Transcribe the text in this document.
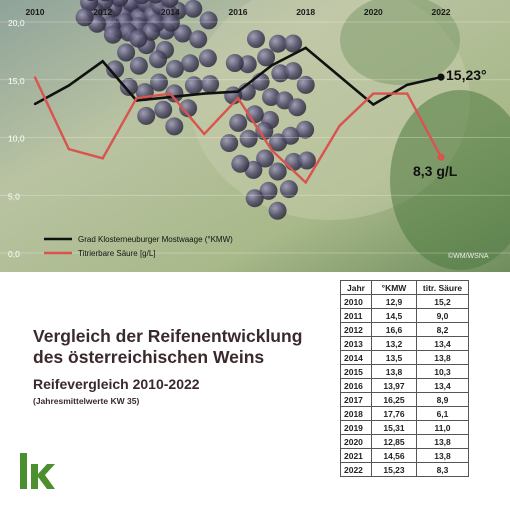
0,0
5,0
10,0
15,0
20,0
2010	2012	2014	2016	2018	2020	2022
Grad Klosterneuburger Mostwaage (°KMW)
Titrierbare Säure [g/L]
15,23°
8,3 g/L
©WM/WSNA
Vergleich der Reifenentwicklung
des österreichischen Weins
Reifevergleich 2010-2022
(Jahresmittelwerte KW 35)
Jahr	°KMW	titr. Säure
2010	12,9	15,2
2011	14,5	9,0
2012	16,6	8,2
2013	13,2	13,4
2014	13,5	13,8
2015	13,8	10,3
2016	13,97	13,4
2017	16,25	8,9
2018	17,76	6,1
2019	15,31	11,0
2020	12,85	13,8
2021	14,56	13,8
2022	15,23	8,3
